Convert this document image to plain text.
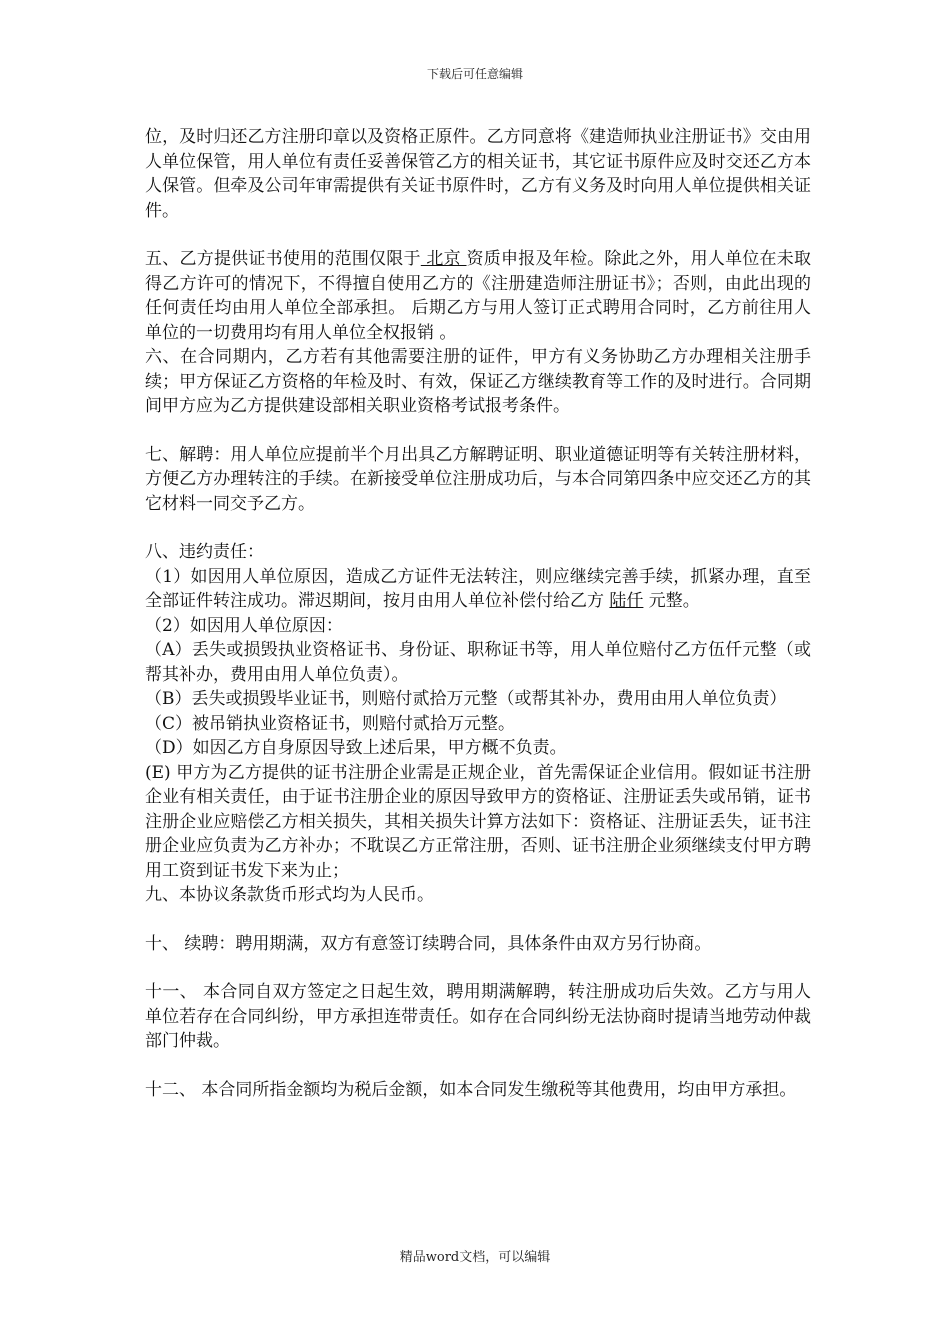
下载后可任意编辑

位，及时归还乙方注册印章以及资格正原件。乙方同意将《建造师执业注册证书》交由用人单位保管，用人单位有责任妥善保管乙方的相关证书，其它证书原件应及时交还乙方本人保管。但牵及公司年审需提供有关证书原件时，乙方有义务及时向用人单位提供相关证件。

五、乙方提供证书使用的范围仅限于 北京 资质申报及年检。除此之外，用人单位在未取得乙方许可的情况下，不得擅自使用乙方的《注册建造师注册证书》；否则，由此出现的任何责任均由用人单位全部承担。 后期乙方与用人签订正式聘用合同时，乙方前往用人单位的一切费用均有用人单位全权报销 。

六、在合同期内，乙方若有其他需要注册的证件，甲方有义务协助乙方办理相关注册手续；甲方保证乙方资格的年检及时、有效，保证乙方继续教育等工作的及时进行。合同期间甲方应为乙方提供建设部相关职业资格考试报考条件。

七、解聘：用人单位应提前半个月出具乙方解聘证明、职业道德证明等有关转注册材料，方便乙方办理转注的手续。在新接受单位注册成功后，与本合同第四条中应交还乙方的其它材料一同交予乙方。

八、违约责任：

（1）如因用人单位原因，造成乙方证件无法转注，则应继续完善手续，抓紧办理，直至全部证件转注成功。滞迟期间，按月由用人单位补偿付给乙方 陆仟 元整。

（2）如因用人单位原因：

（A）丢失或损毁执业资格证书、身份证、职称证书等，用人单位赔付乙方伍仟元整（或帮其补办，费用由用人单位负责）。

（B）丢失或损毁毕业证书，则赔付贰拾万元整（或帮其补办，费用由用人单位负责）

（C）被吊销执业资格证书，则赔付贰拾万元整。

（D）如因乙方自身原因导致上述后果，甲方概不负责。

(E) 甲方为乙方提供的证书注册企业需是正规企业，首先需保证企业信用。假如证书注册企业有相关责任，由于证书注册企业的原因导致甲方的资格证、注册证丢失或吊销，证书注册企业应赔偿乙方相关损失，其相关损失计算方法如下：资格证、注册证丢失，证书注册企业应负责为乙方补办；不耽误乙方正常注册，否则、证书注册企业须继续支付甲方聘用工资到证书发下来为止；

九、本协议条款货币形式均为人民币。

十、 续聘：聘用期满，双方有意签订续聘合同，具体条件由双方另行协商。

十一、 本合同自双方签定之日起生效，聘用期满解聘，转注册成功后失效。乙方与用人单位若存在合同纠纷，甲方承担连带责任。如存在合同纠纷无法协商时提请当地劳动仲裁部门仲裁。

十二、 本合同所指金额均为税后金额，如本合同发生缴税等其他费用，均由甲方承担。

精品word文档，可以编辑
